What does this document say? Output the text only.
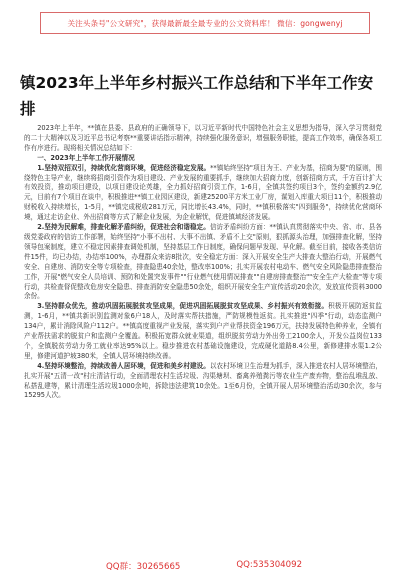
关注头条号"公文研究"，获得最新最全最专业的公文资料库！ 微信：gongwenyj
镇2023年上半年乡村振兴工作总结和下半年工作安排

2023年上半年，**镇在县委、县政府的正确领导下，以习近平新时代中国特色社会主义思想为指导，深入学习贯彻党的二十大精神以及习近平总书记考察**重要讲话指示精神，持续强化服务意识，增强服务职能，提高工作效率，确保各项工作有序进行。现将相关情况总结如下：

一、2023年上半年工作开展情况

1.坚持双招双引，持续优化营商环境，促进经济稳定发展。**镇始终坚持"项目为王、产业为基，招商为要"的原则，围绕特色主导产业，继续将招商引资作为项目建设、产业发展的重要抓手，继续加大招商力度，创新招商方式，千方百计扩大有效投资，推动项目建设，以项目建设论英雄，全力抓好招商引资工作，1-6月，全镇共签约项目3个，签约金额约2.9亿元，目前有7个项目在谈中，积极推进**镇工业园区建设，新建25200平方米工业厂房，谋划入库重大项目11个，积极推动财税收入持续增长，1-5月，**镇完成税收281万元，同比增长43.4%，同时，**镇积极落实"四到服务"，持续优化营商环境，通过走访企业、外出招商等方式了解企业发展，为企业解忧，促进镇域经济发展。

2.坚持为民解难，排查化解矛盾纠纷，促进社会和谐稳定。信访矛盾纠纷方面：**镇认真贯彻落实中央、省、市、县各级党委政府的信访工作部署，始终坚持"小事不出村、大事不出镇、矛盾不上交"原则，狠抓源头治理，加强排查化解，坚持领导包案制度，建立不稳定因素排查调处机制，坚持基层工作日制度，确保问题早发现、早化解。截至目前，接收各类信访件15件，均已办结，办结率100%，办理群众来访8批次，安全稳定方面：深入开展安全生产大排查大整治行动，开展燃气安全、自建房、消防安全等专项检查，排查隐患40余处，整改率100%；扎实开展农村电动车、燃气安全风险隐患排查整治工作，开展"燃气安全人员培训、预防和处置突发事件""行业燃气使用情况排查""自建房排查整治""安全生产大检查"等专项行动，共检查督促整改危房安全隐患、排查消防安全隐患50余处，组织开展安全生产宣传活动20余次，发放宣传资料3000余份。

3.坚持群众优先，推动巩固拓展脱贫攻坚成果，促进巩固拓展脱贫攻坚成果、乡村振兴有效衔接。积极开展防返贫监测，1-6月，**镇共新识别监测对象6户18人，及时落实帮扶措施，严防规模性返贫。扎实推进"四季"行动，动态监测户134户，累计消除风险户112户。**镇高度重视产业发展，落实到户产业帮扶资金196万元，扶持发展特色种养业，全镇有产业帮扶需求的脱贫户和监测户全覆盖。积极拓宽群众就业渠道，组织脱贫劳动力外出务工2100余人，开发公益岗位133个，全镇脱贫劳动力务工就业率达95%以上。稳步推进农村基础设施建设，完成硬化道路8.4公里，新修建排水渠1.2公里，修建河道护坡380米，全镇人居环境持续改善。

4.坚持环境整治，持续改善人居环境，促进和美乡村建设。以农村环境卫生治理为抓手，深入推进农村人居环境整治，扎实开展"五清一改"村庄清洁行动，全面清理农村生活垃圾、沟渠塘坝、畜禽养殖粪污等农业生产废弃物，整治乱堆乱放、私搭乱建等，累计清理生活垃圾1000余吨，拆除违法建筑10余处。1至6月份，全镇开展人居环境整治活动30余次，参与15295人次。

QQ群：30265665	QQ:535304092
